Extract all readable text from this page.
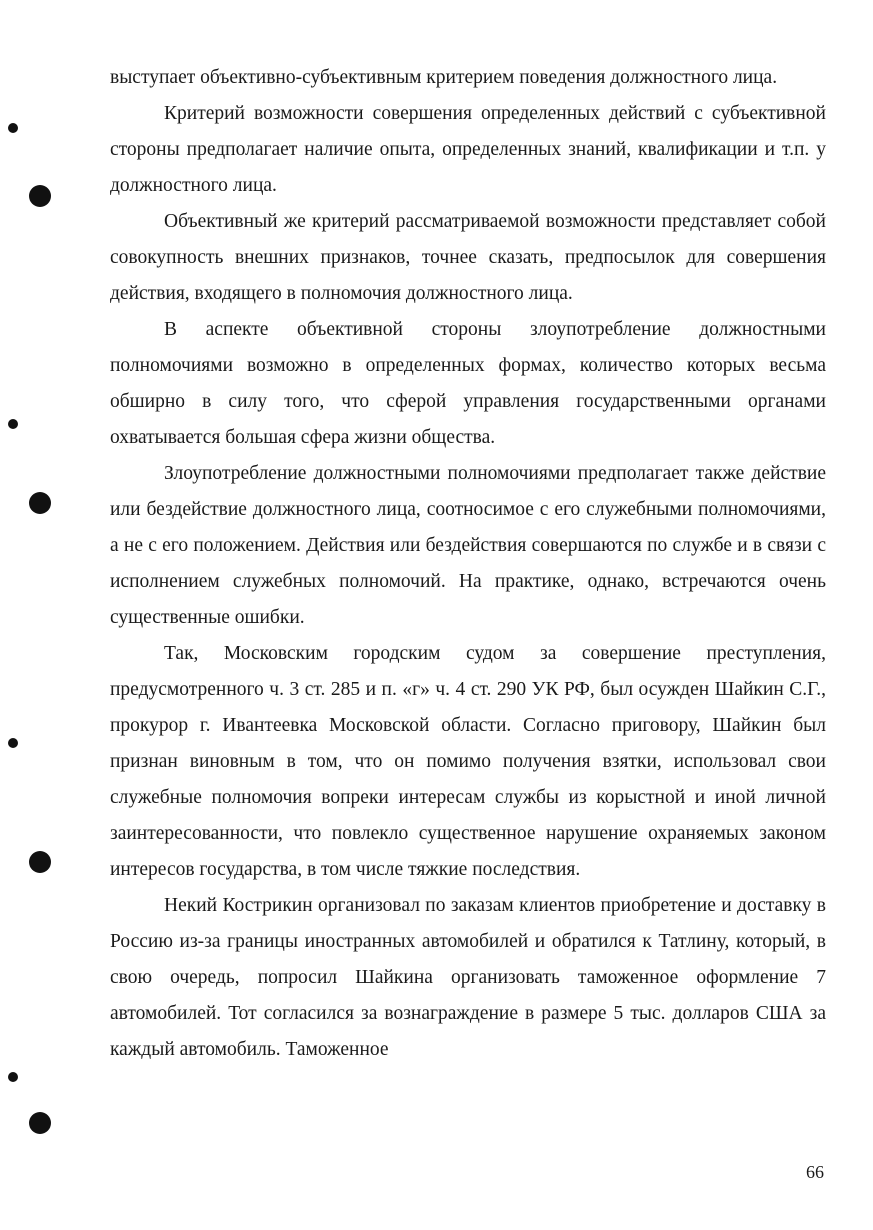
выступает объективно-субъективным критерием поведения должностного лица.

Критерий возможности совершения определенных действий с субъективной стороны предполагает наличие опыта, определенных знаний, квалификации и т.п. у должностного лица.

Объективный же критерий рассматриваемой возможности представляет собой совокупность внешних признаков, точнее сказать, предпосылок для совершения действия, входящего в полномочия должностного лица.

В аспекте объективной стороны злоупотребление должностными полномочиями возможно в определенных формах, количество которых весьма обширно в силу того, что сферой управления государственными органами охватывается большая сфера жизни общества.

Злоупотребление должностными полномочиями предполагает также действие или бездействие должностного лица, соотносимое с его служебными полномочиями, а не с его положением. Действия или бездействия совершаются по службе и в связи с исполнением служебных полномочий. На практике, однако, встречаются очень существенные ошибки.

Так, Московским городским судом за совершение преступления, предусмотренного ч. 3 ст. 285 и п. «г» ч. 4 ст. 290 УК РФ, был осужден Шайкин С.Г., прокурор г. Ивантеевка Московской области. Согласно приговору, Шайкин был признан виновным в том, что он помимо получения взятки, использовал свои служебные полномочия вопреки интересам службы из корыстной и иной личной заинтересованности, что повлекло существенное нарушение охраняемых законом интересов государства, в том числе тяжкие последствия.

Некий Кострикин организовал по заказам клиентов приобретение и доставку в Россию из-за границы иностранных автомобилей и обратился к Татлину, который, в свою очередь, попросил Шайкина организовать таможенное оформление 7 автомобилей. Тот согласился за вознаграждение в размере 5 тыс. долларов США за каждый автомобиль. Таможенное

66
